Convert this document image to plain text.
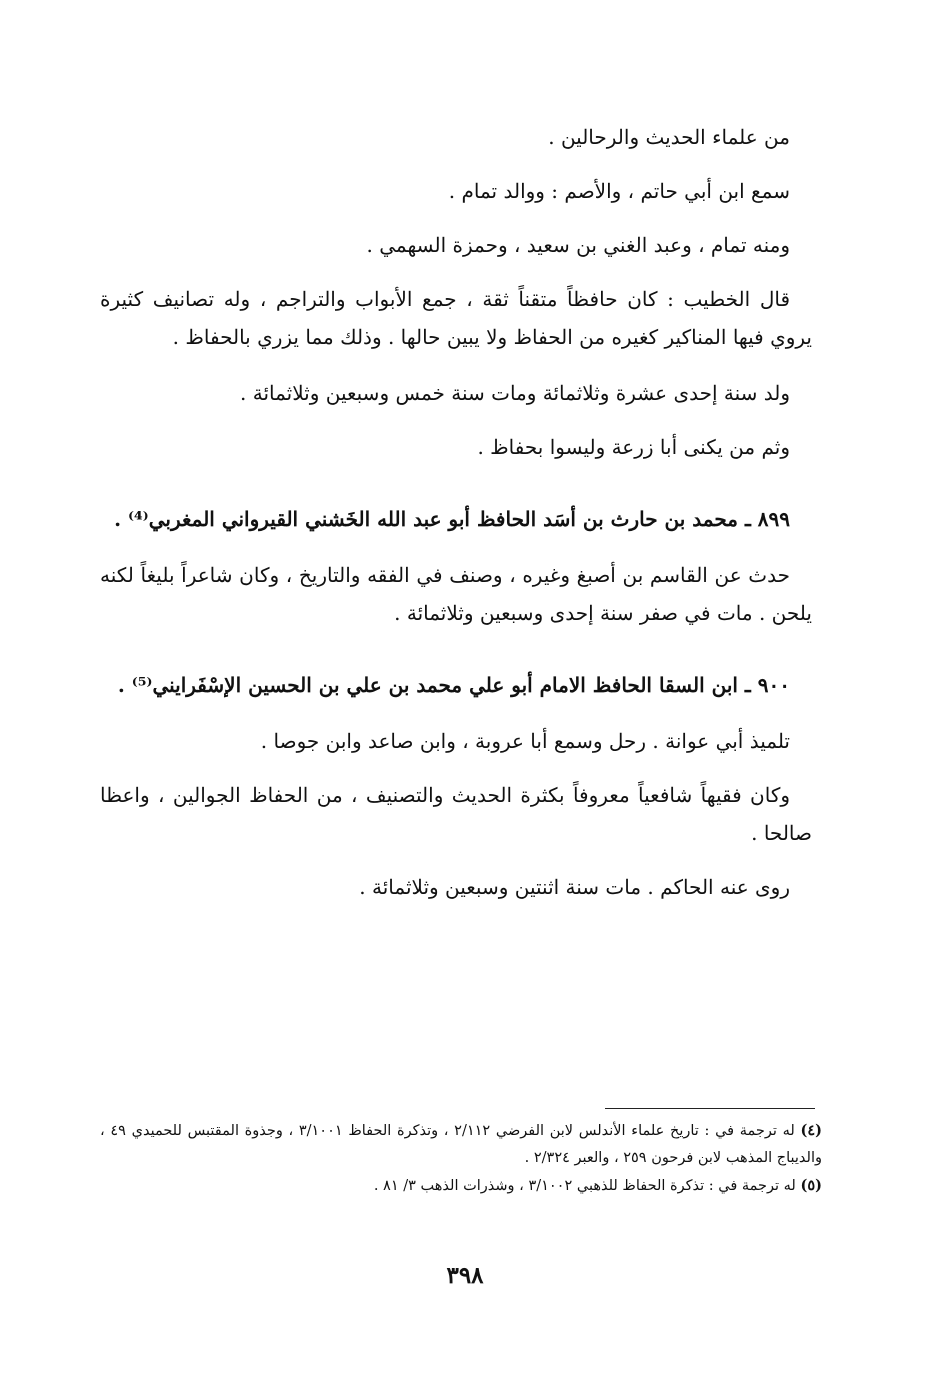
من علماء الحديث والرحالين .

سمع ابن أبي حاتم ، والأصم : ووالد تمام .

ومنه تمام ، وعبد الغني بن سعيد ، وحمزة السهمي .

قال الخطيب : كان حافظاً متقناً ثقة ، جمع الأبواب والتراجم ، وله تصانيف كثيرة يروي فيها المناكير كغيره من الحفاظ ولا يبين حالها . وذلك مما يزري بالحفاظ .

ولد سنة إحدى عشرة وثلاثمائة ومات سنة خمس وسبعين وثلاثمائة .

وثم من يكنى أبا زرعة وليسوا بحفاظ .

٨٩٩ ـ محمد بن حارث بن أسَد الحافظ أبو عبد الله الخَشني القيرواني المغربي⁽⁴⁾ .

حدث عن القاسم بن أصبغ وغيره ، وصنف في الفقه والتاريخ ، وكان شاعراً بليغاً لكنه يلحن . مات في صفر سنة إحدى وسبعين وثلاثمائة .

٩٠٠ ـ ابن السقا الحافظ الامام أبو علي محمد بن علي بن الحسين الإسْفَرايني⁽⁵⁾ .

تلميذ أبي عوانة . رحل وسمع أبا عروبة ، وابن صاعد وابن جوصا .

وكان فقيهاً شافعياً معروفاً بكثرة الحديث والتصنيف ، من الحفاظ الجوالين ، واعظا صالحا .

روى عنه الحاكم . مات سنة اثنتين وسبعين وثلاثمائة .

(٤) له ترجمة في : تاريخ علماء الأندلس لابن الفرضي ٢/١١٢ ، وتذكرة الحفاظ ٣/١٠٠١ ، وجذوة المقتبس للحميدي ٤٩ ، والديباج المذهب لابن فرحون ٢٥٩ ، والعبر ٢/٣٢٤ .

(٥) له ترجمة في : تذكرة الحفاظ للذهبي ٣/١٠٠٢ ، وشذرات الذهب ٣/ ٨١ .

٣٩٨
